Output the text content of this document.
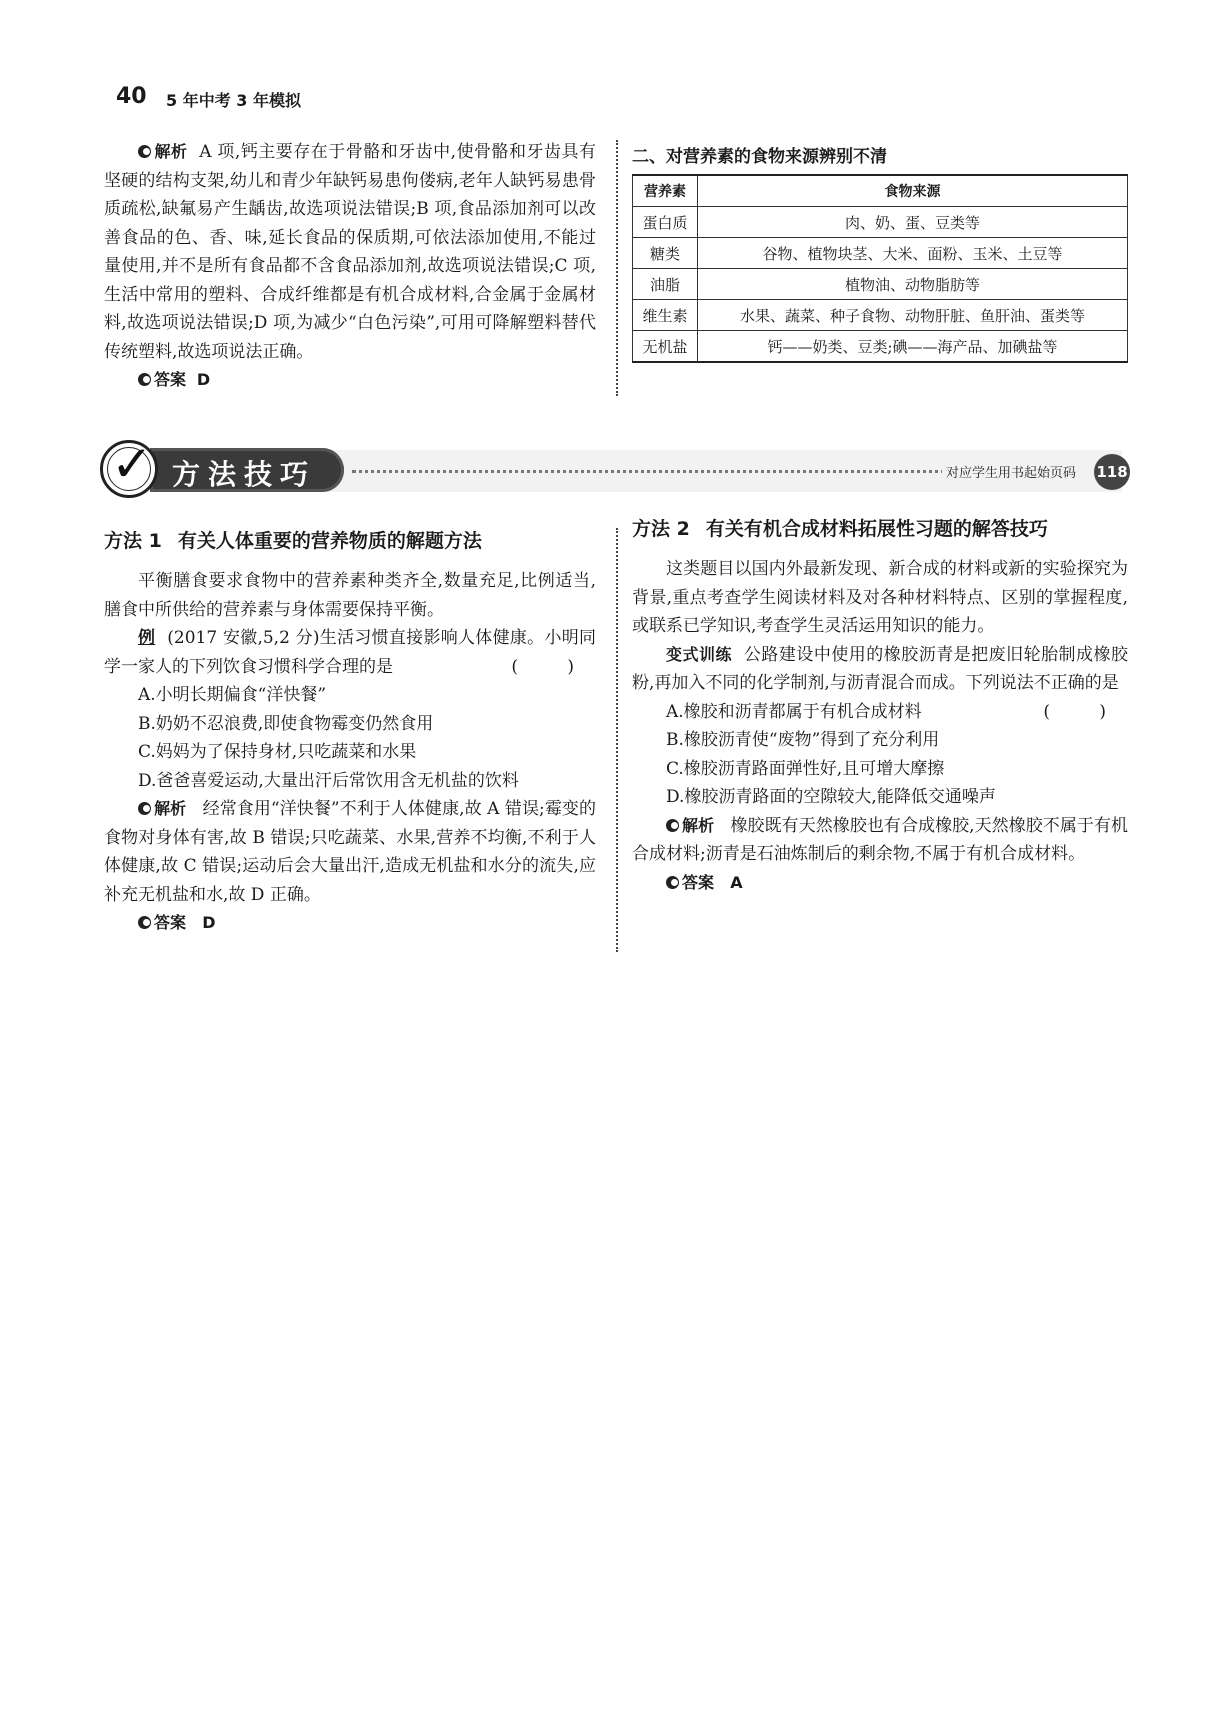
40 5 年中考 3 年模拟

解析 A 项,钙主要存在于骨骼和牙齿中,使骨骼和牙齿具有坚硬的结构支架,幼儿和青少年缺钙易患佝偻病,老年人缺钙易患骨质疏松,缺氟易产生龋齿,故选项说法错误;B 项,食品添加剂可以改善食品的色、香、味,延长食品的保质期,可依法添加使用,不能过量使用,并不是所有食品都不含食品添加剂,故选项说法错误;C 项,生活中常用的塑料、合成纤维都是有机合成材料,合金属于金属材料,故选项说法错误;D 项,为减少“白色污染”,可用可降解塑料替代传统塑料,故选项说法正确。

答案 D
二、对营养素的食物来源辨别不清
营养素	食物来源
蛋白质	肉、奶、蛋、豆类等
糖类	谷物、植物块茎、大米、面粉、玉米、土豆等
油脂	植物油、动物脂肪等
维生素	水果、蔬菜、种子食物、动物肝脏、鱼肝油、蛋类等
无机盐	钙——奶类、豆类;碘——海产品、加碘盐等
✓ 方法技巧	对应学生用书起始页码 118
方法 1 有关人体重要的营养物质的解题方法

平衡膳食要求食物中的营养素种类齐全,数量充足,比例适当,膳食中所供给的营养素与身体需要保持平衡。

例 (2017 安徽,5,2 分)生活习惯直接影响人体健康。小明同学一家人的下列饮食习惯科学合理的是	( )

A.小明长期偏食“洋快餐”

B.奶奶不忍浪费,即使食物霉变仍然食用

C.妈妈为了保持身材,只吃蔬菜和水果

D.爸爸喜爱运动,大量出汗后常饮用含无机盐的饮料

解析 经常食用“洋快餐”不利于人体健康,故 A 错误;霉变的食物对身体有害,故 B 错误;只吃蔬菜、水果,营养不均衡,不利于人体健康,故 C 错误;运动后会大量出汗,造成无机盐和水分的流失,应补充无机盐和水,故 D 正确。

答案 D
方法 2 有关有机合成材料拓展性习题的解答技巧

这类题目以国内外最新发现、新合成的材料或新的实验探究为背景,重点考查学生阅读材料及对各种材料特点、区别的掌握程度,或联系已学知识,考查学生灵活运用知识的能力。

变式训练 公路建设中使用的橡胶沥青是把废旧轮胎制成橡胶粉,再加入不同的化学制剂,与沥青混合而成。下列说法不正确的是
( )

A.橡胶和沥青都属于有机合成材料

B.橡胶沥青使“废物”得到了充分利用

C.橡胶沥青路面弹性好,且可增大摩擦

D.橡胶沥青路面的空隙较大,能降低交通噪声

解析 橡胶既有天然橡胶也有合成橡胶,天然橡胶不属于有机合成材料;沥青是石油炼制后的剩余物,不属于有机合成材料。

答案 A
